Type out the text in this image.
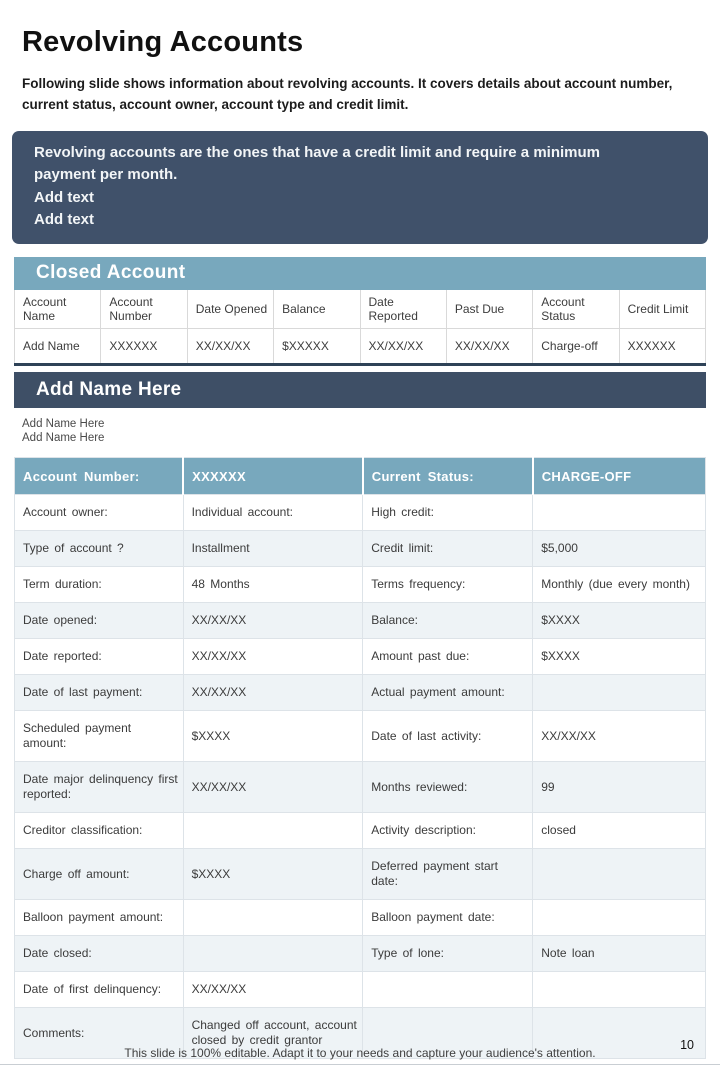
Revolving Accounts

Following slide shows information about revolving accounts. It covers details about account number, current status, account owner, account type and credit limit.

Revolving accounts are the ones that have a credit limit and require a minimum payment per month.

Add text

Add text

Closed Account
Account Name	Account Number	Date Opened	Balance	Date Reported	Past Due	Account Status	Credit Limit
Add Name	XXXXXX	XX/XX/XX	$XXXXX	XX/XX/XX	XX/XX/XX	Charge-off	XXXXXX
Add Name Here
Add Name Here
Add Name Here
Account Number:	XXXXXX	Current Status:	CHARGE-OFF
Account owner:	Individual account:	High credit:	
Type of account ?	Installment	Credit limit:	$5,000
Term duration:	48 Months	Terms frequency:	Monthly (due every month)
Date opened:	XX/XX/XX	Balance:	$XXXX
Date reported:	XX/XX/XX	Amount past due:	$XXXX
Date of last payment:	XX/XX/XX	Actual payment amount:	
Scheduled payment amount:	$XXXX	Date of last activity:	XX/XX/XX
Date major delinquency first reported:	XX/XX/XX	Months reviewed:	99
Creditor classification:		Activity description:	closed
Charge off amount:	$XXXX	Deferred payment start date:	
Balloon payment amount:		Balloon payment date:	
Date closed:		Type of lone:	Note loan
Date of first delinquency:	XX/XX/XX		
Comments:	Changed off account, account closed by credit grantor		
This slide is 100% editable. Adapt it to your needs and capture your audience's attention.
10
